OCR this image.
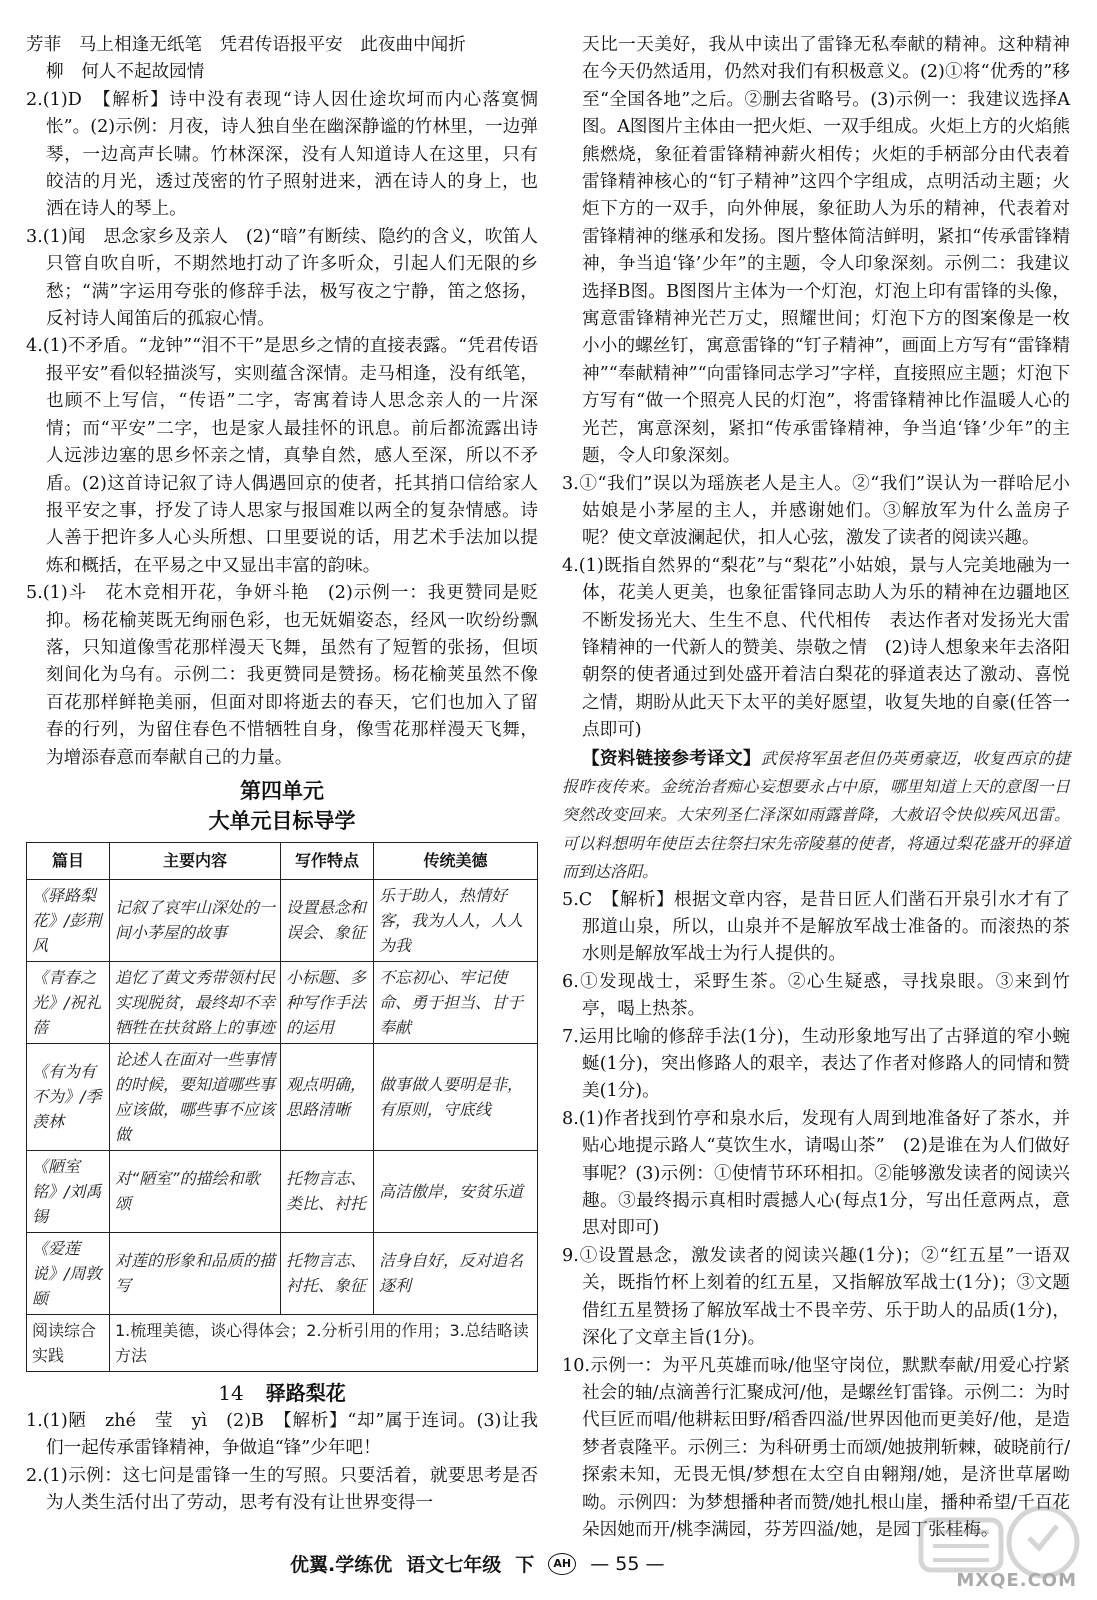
芳菲　马上相逢无纸笔　凭君传语报平安　此夜曲中闻折

柳　何人不起故园情

2.(1)D　【解析】诗中没有表现“诗人因仕途坎坷而内心落寞惆怅”。(2)示例：月夜，诗人独自坐在幽深静谧的竹林里，一边弹琴，一边高声长啸。竹林深深，没有人知道诗人在这里，只有皎洁的月光，透过茂密的竹子照射进来，洒在诗人的身上，也洒在诗人的琴上。

3.(1)闻　思念家乡及亲人　(2)“暗”有断续、隐约的含义，吹笛人只管自吹自听，不期然地打动了许多听众，引起人们无限的乡愁；“满”字运用夸张的修辞手法，极写夜之宁静，笛之悠扬，反衬诗人闻笛后的孤寂心情。

4.(1)不矛盾。“龙钟”“泪不干”是思乡之情的直接表露。“凭君传语报平安”看似轻描淡写，实则蕴含深情。走马相逢，没有纸笔，也顾不上写信，“传语”二字，寄寓着诗人思念亲人的一片深情；而“平安”二字，也是家人最挂怀的讯息。前后都流露出诗人远涉边塞的思乡怀亲之情，真挚自然，感人至深，所以不矛盾。(2)这首诗记叙了诗人偶遇回京的使者，托其捎口信给家人报平安之事，抒发了诗人思家与报国难以两全的复杂情感。诗人善于把许多人心头所想、口里要说的话，用艺术手法加以提炼和概括，在平易之中又显出丰富的韵味。

5.(1)斗　花木竞相开花，争妍斗艳　(2)示例一：我更赞同是贬抑。杨花榆荚既无绚丽色彩，也无妩媚姿态，经风一吹纷纷飘落，只知道像雪花那样漫天飞舞，虽然有了短暂的张扬，但顷刻间化为乌有。示例二：我更赞同是赞扬。杨花榆荚虽然不像百花那样鲜艳美丽，但面对即将逝去的春天，它们也加入了留春的行列，为留住春色不惜牺牲自身，像雪花那样漫天飞舞，为增添春意而奉献自己的力量。

第四单元
大单元目标导学
篇目	主要内容	写作特点	传统美德
《驿路梨花》/彭荆风	记叙了哀牢山深处的一间小茅屋的故事	设置悬念和误会、象征	乐于助人，热情好客，我为人人，人人为我
《青春之光》/祝礼蓓	追忆了黄文秀带领村民实现脱贫，最终却不幸牺牲在扶贫路上的事迹	小标题、多种写作手法的运用	不忘初心、牢记使命、勇于担当、甘于奉献
《有为有不为》/季羡林	论述人在面对一些事情的时候，要知道哪些事应该做，哪些事不应该做	观点明确，思路清晰	做事做人要明是非，有原则，守底线
《陋室铭》/刘禹锡	对“陋室”的描绘和歌颂	托物言志、类比、衬托	高洁傲岸，安贫乐道
《爱莲说》/周敦颐	对莲的形象和品质的描写	托物言志、衬托、象征	洁身自好，反对追名逐利
阅读综合实践	1.梳理美德，谈心得体会；2.分析引用的作用；3.总结略读方法		
14 驿路梨花

1.(1)陋　zhé　莹　yì　(2)B　【解析】“却”属于连词。(3)让我们一起传承雷锋精神，争做追“锋”少年吧！

2.(1)示例：这七问是雷锋一生的写照。只要活着，就要思考是否为人类生活付出了劳动，思考有没有让世界变得一

天比一天美好，我从中读出了雷锋无私奉献的精神。这种精神在今天仍然适用，仍然对我们有积极意义。(2)①将“优秀的”移至“全国各地”之后。②删去省略号。(3)示例一：我建议选择A图。A图图片主体由一把火炬、一双手组成。火炬上方的火焰熊熊燃烧，象征着雷锋精神薪火相传；火炬的手柄部分由代表着雷锋精神核心的“钉子精神”这四个字组成，点明活动主题；火炬下方的一双手，向外伸展，象征助人为乐的精神，代表着对雷锋精神的继承和发扬。图片整体简洁鲜明，紧扣“传承雷锋精神，争当追‘锋’少年”的主题，令人印象深刻。示例二：我建议选择B图。B图图片主体为一个灯泡，灯泡上印有雷锋的头像，寓意雷锋精神光芒万丈，照耀世间；灯泡下方的图案像是一枚小小的螺丝钉，寓意雷锋的“钉子精神”，画面上方写有“雷锋精神”“奉献精神”“向雷锋同志学习”字样，直接照应主题；灯泡下方写有“做一个照亮人民的灯泡”，将雷锋精神比作温暖人心的光芒，寓意深刻，紧扣“传承雷锋精神，争当追‘锋’少年”的主题，令人印象深刻。

3.①“我们”误以为瑶族老人是主人。②“我们”误认为一群哈尼小姑娘是小茅屋的主人，并感谢她们。③解放军为什么盖房子呢？使文章波澜起伏，扣人心弦，激发了读者的阅读兴趣。

4.(1)既指自然界的“梨花”与“梨花”小姑娘，景与人完美地融为一体，花美人更美，也象征雷锋同志助人为乐的精神在边疆地区不断发扬光大、生生不息、代代相传　表达作者对发扬光大雷锋精神的一代新人的赞美、崇敬之情　(2)诗人想象来年去洛阳朝祭的使者通过到处盛开着洁白梨花的驿道表达了激动、喜悦之情，期盼从此天下太平的美好愿望，收复失地的自豪(任答一点即可)

【资料链接参考译文】武侯将军虽老但仍英勇豪迈，收复西京的捷报昨夜传来。金统治者痴心妄想要永占中原，哪里知道上天的意图一日突然改变回来。大宋列圣仁泽深如雨露普降，大赦诏令快似疾风迅雷。可以料想明年使臣去往祭扫宋先帝陵墓的使者，将通过梨花盛开的驿道而到达洛阳。

5.C　【解析】根据文章内容，是昔日匠人们凿石开泉引水才有了那道山泉，所以，山泉并不是解放军战士准备的。而滚热的茶水则是解放军战士为行人提供的。

6.①发现战士，采野生茶。②心生疑惑，寻找泉眼。③来到竹亭，喝上热茶。

7.运用比喻的修辞手法(1分)，生动形象地写出了古驿道的窄小蜿蜒(1分)，突出修路人的艰辛，表达了作者对修路人的同情和赞美(1分)。

8.(1)作者找到竹亭和泉水后，发现有人周到地准备好了茶水，并贴心地提示路人“莫饮生水，请喝山茶”　(2)是谁在为人们做好事呢？(3)示例：①使情节环环相扣。②能够激发读者的阅读兴趣。③最终揭示真相时震撼人心(每点1分，写出任意两点，意思对即可)

9.①设置悬念，激发读者的阅读兴趣(1分)；②“红五星”一语双关，既指竹杯上刻着的红五星，又指解放军战士(1分)；③文题借红五星赞扬了解放军战士不畏辛劳、乐于助人的品质(1分)，深化了文章主旨(1分)。

10.示例一：为平凡英雄而咏/他坚守岗位，默默奉献/用爱心拧紧社会的轴/点滴善行汇聚成河/他，是螺丝钉雷锋。示例二：为时代巨匠而唱/他耕耘田野/稻香四溢/世界因他而更美好/他，是造梦者袁隆平。示例三：为科研勇士而颂/她披荆斩棘，破晓前行/探索未知，无畏无惧/梦想在太空自由翱翔/她，是济世草屠呦呦。示例四：为梦想播种者而赞/她扎根山崖，播种希望/千百花朵因她而开/桃李满园，芬芳四溢/她，是园丁张桂梅。

优翼.学练优 语文七年级 下	AH — 55 —
MXQE.COM
